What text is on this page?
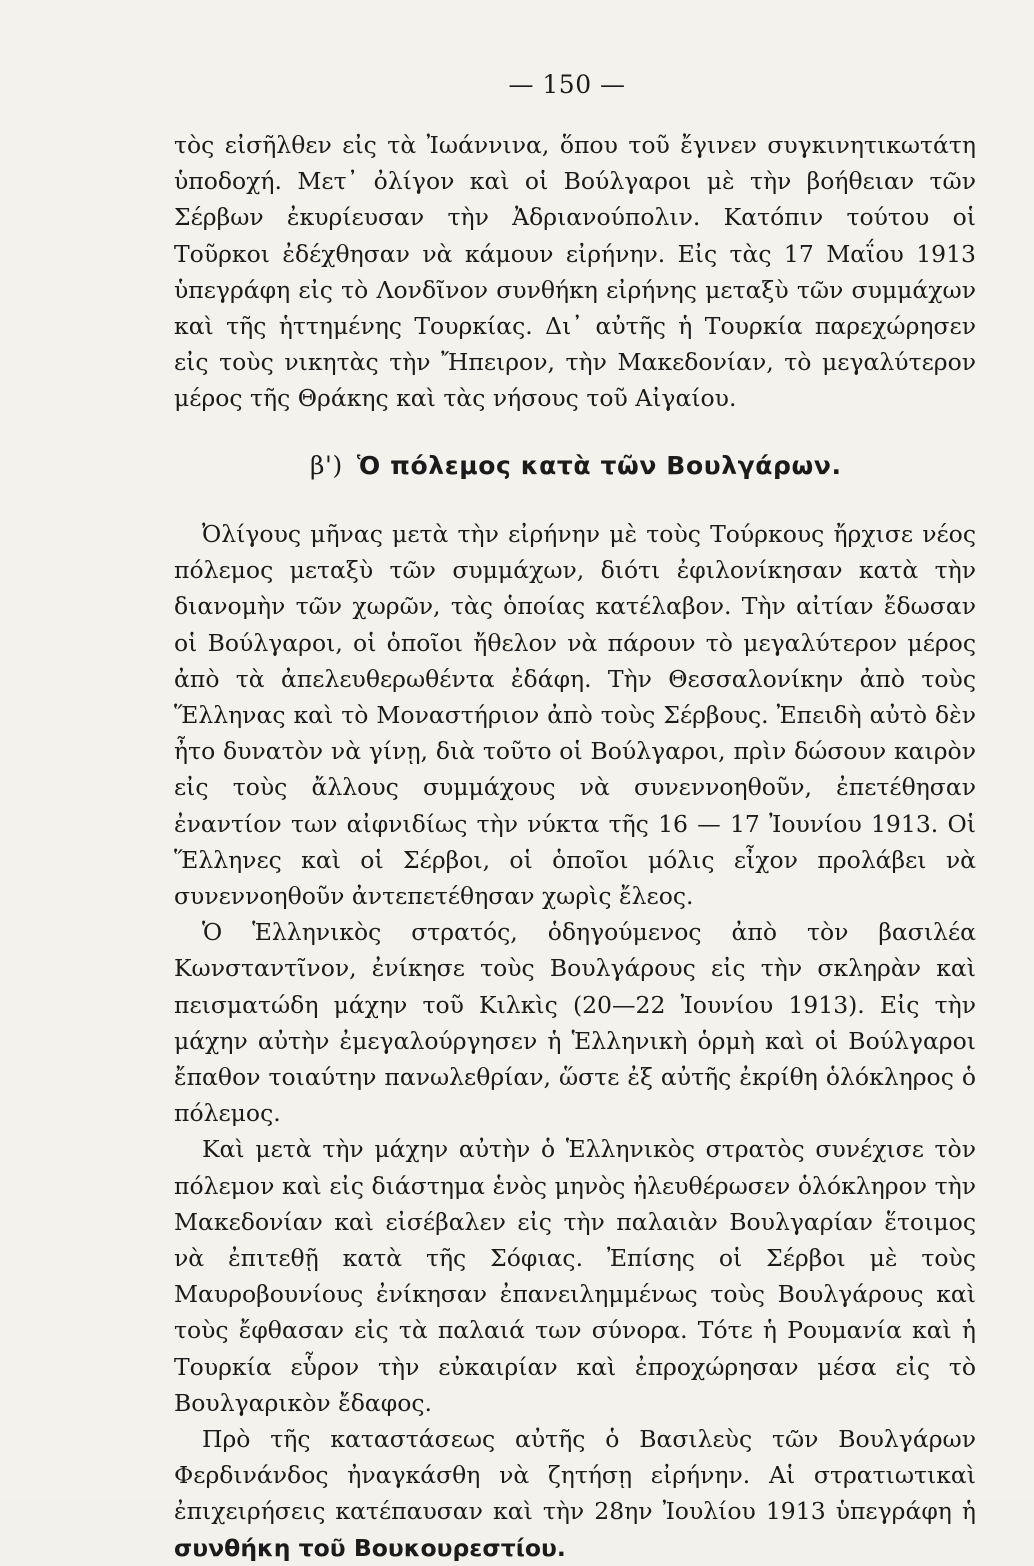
— 150 —

τὸς εἰσῆλθεν εἰς τὰ Ἰωάννινα, ὅπου τοῦ ἔγινεν συγκινητικωτάτη ὑποδοχή. Μετ᾿ ὀλίγον καὶ οἱ Βούλγαροι μὲ τὴν βοήθειαν τῶν Σέρβων ἐκυρίευσαν τὴν Ἀδριανούπολιν. Κατόπιν τούτου οἱ Τοῦρκοι ἐδέχθησαν νὰ κάμουν εἰρήνην. Εἰς τὰς 17 Μαΐου 1913 ὑπεγράφη εἰς τὸ Λονδῖνον συνθήκη εἰρήνης μεταξὺ τῶν συμμάχων καὶ τῆς ἡττημένης Τουρκίας. Δι᾿ αὐτῆς ἡ Τουρκία παρεχώρησεν εἰς τοὺς νικητὰς τὴν Ἤπειρον, τὴν Μακεδονίαν, τὸ μεγαλύτερον μέρος τῆς Θράκης καὶ τὰς νήσους τοῦ Αἰγαίου.

β') Ὁ πόλεμος κατὰ τῶν Βουλγάρων.

Ὀλίγους μῆνας μετὰ τὴν εἰρήνην μὲ τοὺς Τούρκους ἤρχισε νέος πόλεμος μεταξὺ τῶν συμμάχων, διότι ἐφιλονίκησαν κατὰ τὴν διανομὴν τῶν χωρῶν, τὰς ὁποίας κατέλαβον. Τὴν αἰτίαν ἔδωσαν οἱ Βούλγαροι, οἱ ὁποῖοι ἤθελον νὰ πάρουν τὸ μεγαλύτερον μέρος ἀπὸ τὰ ἀπελευθερωθέντα ἐδάφη. Τὴν Θεσσαλονίκην ἀπὸ τοὺς Ἕλληνας καὶ τὸ Μοναστήριον ἀπὸ τοὺς Σέρβους. Ἐπειδὴ αὐτὸ δὲν ἦτο δυνατὸν νὰ γίνῃ, διὰ τοῦτο οἱ Βούλγαροι, πρὶν δώσουν καιρὸν εἰς τοὺς ἄλλους συμμάχους νὰ συνεννοηθοῦν, ἐπετέθησαν ἐναντίον των αἰφνιδίως τὴν νύκτα τῆς 16 — 17 Ἰουνίου 1913. Οἱ Ἕλληνες καὶ οἱ Σέρβοι, οἱ ὁποῖοι μόλις εἶχον προλάβει νὰ συνεννοηθοῦν ἀντεπετέθησαν χωρὶς ἔλεος.

Ὁ Ἑλληνικὸς στρατός, ὁδηγούμενος ἀπὸ τὸν βασιλέα Κωνσταντῖνον, ἐνίκησε τοὺς Βουλγάρους εἰς τὴν σκληρὰν καὶ πεισματώδη μάχην τοῦ Κιλκὶς (20—22 Ἰουνίου 1913). Εἰς τὴν μάχην αὐτὴν ἐμεγαλούργησεν ἡ Ἑλληνικὴ ὁρμὴ καὶ οἱ Βούλγαροι ἔπαθον τοιαύτην πανωλεθρίαν, ὥστε ἐξ αὐτῆς ἐκρίθη ὁλόκληρος ὁ πόλεμος.

Καὶ μετὰ τὴν μάχην αὐτὴν ὁ Ἑλληνικὸς στρατὸς συνέχισε τὸν πόλεμον καὶ εἰς διάστημα ἑνὸς μηνὸς ἠλευθέρωσεν ὁλόκληρον τὴν Μακεδονίαν καὶ εἰσέβαλεν εἰς τὴν παλαιὰν Βουλγαρίαν ἕτοιμος νὰ ἐπιτεθῇ κατὰ τῆς Σόφιας. Ἐπίσης οἱ Σέρβοι μὲ τοὺς Μαυροβουνίους ἐνίκησαν ἐπανειλημμένως τοὺς Βουλγάρους καὶ τοὺς ἔφθασαν εἰς τὰ παλαιά των σύνορα. Τότε ἡ Ρουμανία καὶ ἡ Τουρκία εὗρον τὴν εὐκαιρίαν καὶ ἐπροχώρησαν μέσα εἰς τὸ Βουλγαρικὸν ἔδαφος.

Πρὸ τῆς καταστάσεως αὐτῆς ὁ Βασιλεὺς τῶν Βουλγάρων Φερδινάνδος ἠναγκάσθη νὰ ζητήσῃ εἰρήνην. Αἱ στρατιωτικαὶ ἐπιχειρήσεις κατέπαυσαν καὶ τὴν 28ην Ἰουλίου 1913 ὑπεγράφη ἡ συνθήκη τοῦ Βουκουρεστίου.
